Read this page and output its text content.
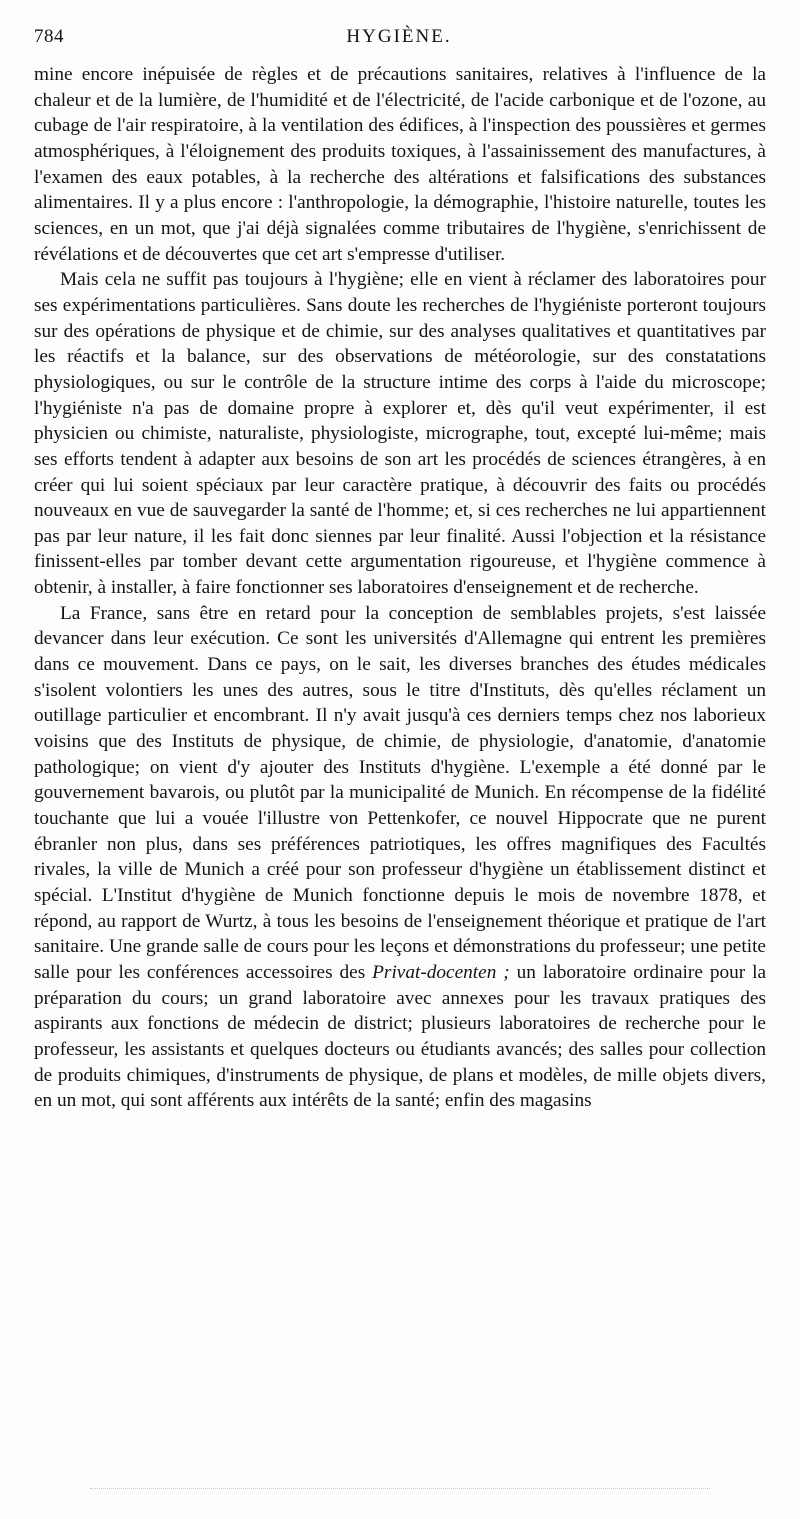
784	HYGIÈNE.

mine encore inépuisée de règles et de précautions sanitaires, relatives à l'influence de la chaleur et de la lumière, de l'humidité et de l'électricité, de l'acide carbonique et de l'ozone, au cubage de l'air respiratoire, à la ventilation des édifices, à l'inspection des poussières et germes atmosphériques, à l'éloignement des produits toxiques, à l'assainissement des manufactures, à l'examen des eaux potables, à la recherche des altérations et falsifications des substances alimentaires. Il y a plus encore : l'anthropologie, la démographie, l'histoire naturelle, toutes les sciences, en un mot, que j'ai déjà signalées comme tributaires de l'hygiène, s'enrichissent de révélations et de découvertes que cet art s'empresse d'utiliser.

Mais cela ne suffit pas toujours à l'hygiène; elle en vient à réclamer des laboratoires pour ses expérimentations particulières. Sans doute les recherches de l'hygiéniste porteront toujours sur des opérations de physique et de chimie, sur des analyses qualitatives et quantitatives par les réactifs et la balance, sur des observations de météorologie, sur des constatations physiologiques, ou sur le contrôle de la structure intime des corps à l'aide du microscope; l'hygiéniste n'a pas de domaine propre à explorer et, dès qu'il veut expérimenter, il est physicien ou chimiste, naturaliste, physiologiste, micrographe, tout, excepté lui-même; mais ses efforts tendent à adapter aux besoins de son art les procédés de sciences étrangères, à en créer qui lui soient spéciaux par leur caractère pratique, à découvrir des faits ou procédés nouveaux en vue de sauvegarder la santé de l'homme; et, si ces recherches ne lui appartiennent pas par leur nature, il les fait donc siennes par leur finalité. Aussi l'objection et la résistance finissent-elles par tomber devant cette argumentation rigoureuse, et l'hygiène commence à obtenir, à installer, à faire fonctionner ses laboratoires d'enseignement et de recherche.

La France, sans être en retard pour la conception de semblables projets, s'est laissée devancer dans leur exécution. Ce sont les universités d'Allemagne qui entrent les premières dans ce mouvement. Dans ce pays, on le sait, les diverses branches des études médicales s'isolent volontiers les unes des autres, sous le titre d'Instituts, dès qu'elles réclament un outillage particulier et encombrant. Il n'y avait jusqu'à ces derniers temps chez nos laborieux voisins que des Instituts de physique, de chimie, de physiologie, d'anatomie, d'anatomie pathologique; on vient d'y ajouter des Instituts d'hygiène. L'exemple a été donné par le gouvernement bavarois, ou plutôt par la municipalité de Munich. En récompense de la fidélité touchante que lui a vouée l'illustre von Pettenkofer, ce nouvel Hippocrate que ne purent ébranler non plus, dans ses préférences patriotiques, les offres magnifiques des Facultés rivales, la ville de Munich a créé pour son professeur d'hygiène un établissement distinct et spécial. L'Institut d'hygiène de Munich fonctionne depuis le mois de novembre 1878, et répond, au rapport de Wurtz, à tous les besoins de l'enseignement théorique et pratique de l'art sanitaire. Une grande salle de cours pour les leçons et démonstrations du professeur; une petite salle pour les conférences accessoires des Privat-docenten ; un laboratoire ordinaire pour la préparation du cours; un grand laboratoire avec annexes pour les travaux pratiques des aspirants aux fonctions de médecin de district; plusieurs laboratoires de recherche pour le professeur, les assistants et quelques docteurs ou étudiants avancés; des salles pour collection de produits chimiques, d'instruments de physique, de plans et modèles, de mille objets divers, en un mot, qui sont afférents aux intérêts de la santé; enfin des magasins
